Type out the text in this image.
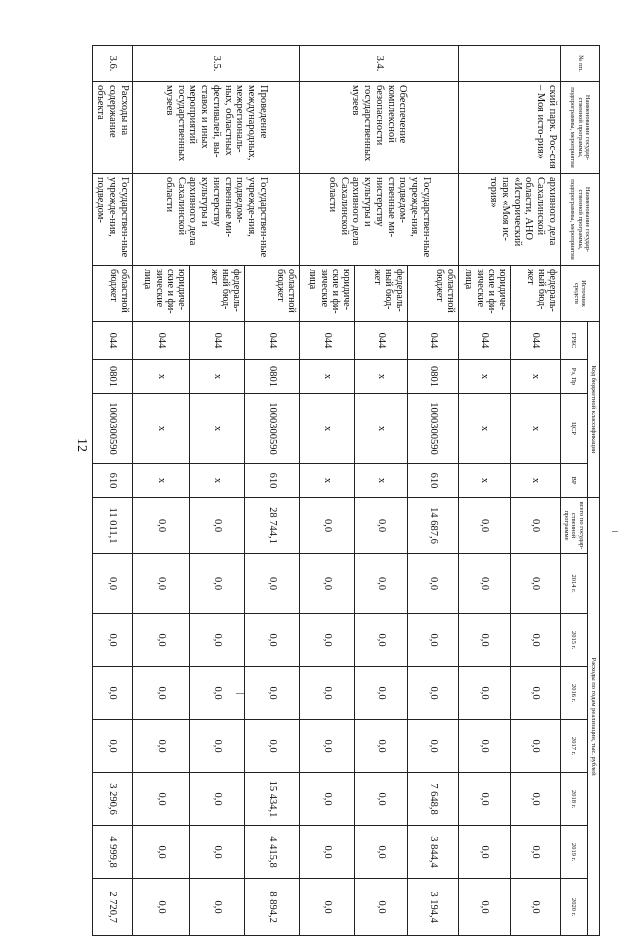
12
№ пп.	Наименование государ-ственной программы, подпрограммы, мероприятия	Наименование государ-ственной программы, подпрограммы, мероприятия	Источник средств	Код бюджетной классификации				Расходы по годам реализации, тыс. рублей							
				ГРБС	Рз, Пр	ЦСР	ВР	всего по государ-ственной программе	2014 г.	2015 г.	2016 г.	2017 г.	2018 г.	2019 г.	2020 г.
	ский парк. Рос-сия – Моя исто-рия»	архивного дела Сахалинской области, АНО «Исторический парк «Моя ис-тория»	федераль-ный бюд-жет	044	x	x	x	0,0	0,0	0,0	0,0	0,0	0,0	0,0	0,0
			юридиче-ские и фи-зические лица	044	x	x	x	0,0	0,0	0,0	0,0	0,0	0,0	0,0	0,0
3.4.	Обеспечение комплексной безопасности государственных музеев	Государствен-ные учрежде-ния, подведом-ственные ми-нистерству культуры и архивного дела Сахалинской области	областной бюджет	044	0801	1000300590	610	14 687,6	0,0	0,0	0,0	0,0	7 648,8	3 844,4	3 194,4
			федераль-ный бюд-жет	044	x	x	x	0,0	0,0	0,0	0,0	0,0	0,0	0,0	0,0
			юридиче-ские и фи-зические лица	044	x	x	x	0,0	0,0	0,0	0,0	0,0	0,0	0,0	0,0
3.5.	Проведение международных, межрегиональ-ных, областных фестивалей, вы-ставок и иных мероприятий государственных музеев	Государствен-ные учрежде-ния, подведом-ственные ми-нистерству культуры и архивного дела Сахалинской области	областной бюджет	044	0801	1000300590	610	28 744,1	0,0	0,0	0,0	0,0	15 434,1	4 415,8	8 894,2
			федераль-ный бюд-жет	044	x	x	x	0,0	0,0	0,0	0,0	0,0	0,0	0,0	0,0
			юридиче-ские и фи-зические лица	044	x	x	x	0,0	0,0	0,0	0,0	0,0	0,0	0,0	0,0
3.6.	Расходы на содержание объекта	Государствен-ные учрежде-ния, подведом-	областной бюджет	044	0801	1000300590	610	11 011,1	0,0	0,0	0,0	0,0	3 290,6	4 999,8	2 720,7
